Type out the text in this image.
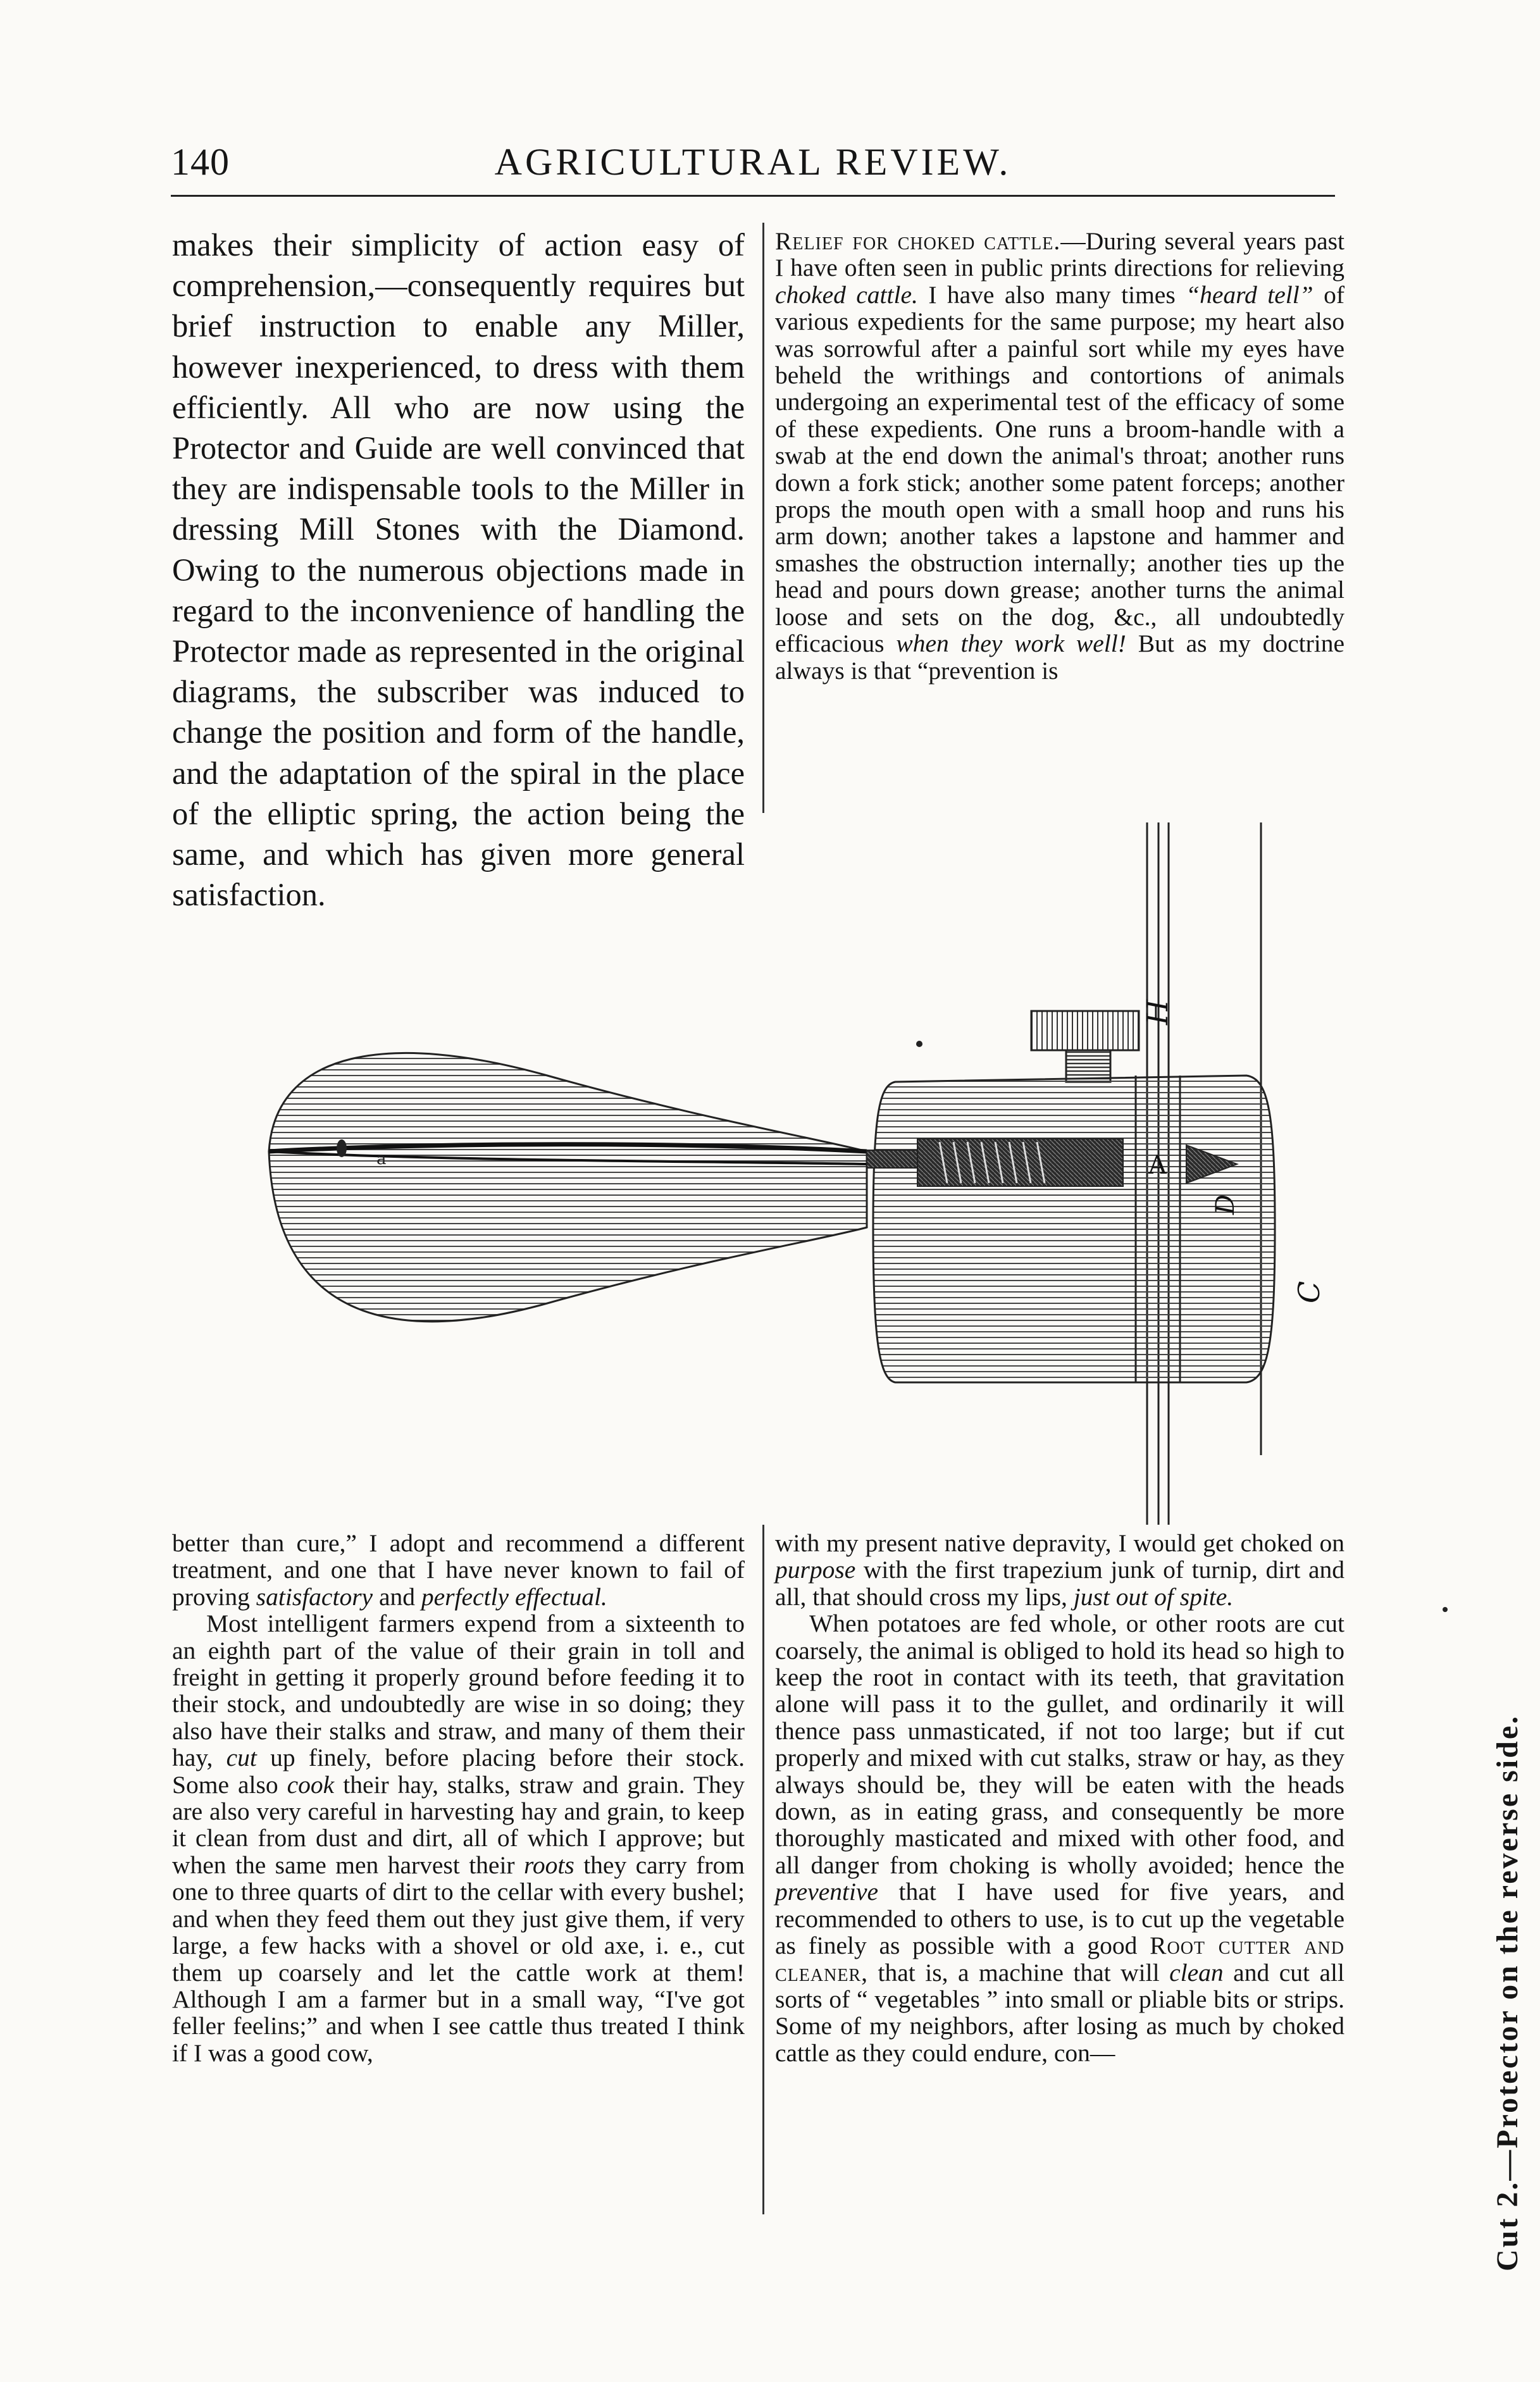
140	AGRICULTURAL REVIEW.

makes their simplicity of action easy of comprehension,—consequently requires but brief instruction to enable any Miller, however inexperienced, to dress with them efficiently. All who are now using the Protector and Guide are well convinced that they are indispensable tools to the Miller in dressing Mill Stones with the Diamond. Owing to the numerous objections made in regard to the inconvenience of handling the Protector made as represented in the original diagrams, the subscriber was induced to change the position and form of the handle, and the adaptation of the spiral in the place of the elliptic spring, the action being the same, and which has given more general satisfaction.

Relief for choked cattle.—During several years past I have often seen in public prints directions for relieving choked cattle. I have also many times “heard tell” of various expedients for the same purpose; my heart also was sorrowful after a painful sort while my eyes have beheld the writhings and contortions of animals undergoing an experimental test of the efficacy of some of these expedients. One runs a broom-handle with a swab at the end down the animal's throat; another runs down a fork stick; another some patent forceps; another props the mouth open with a small hoop and runs his arm down; another takes a lapstone and hammer and smashes the obstruction internally; another ties up the head and pours down grease; another turns the animal loose and sets on the dog, &c., all undoubtedly efficacious when they work well! But as my doctrine always is that “prevention is

a
H
A
D
C
Cut 2.—Protector on the reverse side.

better than cure,” I adopt and recommend a different treatment, and one that I have never known to fail of proving satisfactory and perfectly effectual.

Most intelligent farmers expend from a sixteenth to an eighth part of the value of their grain in toll and freight in getting it properly ground before feeding it to their stock, and undoubtedly are wise in so doing; they also have their stalks and straw, and many of them their hay, cut up finely, before placing before their stock. Some also cook their hay, stalks, straw and grain. They are also very careful in harvesting hay and grain, to keep it clean from dust and dirt, all of which I approve; but when the same men harvest their roots they carry from one to three quarts of dirt to the cellar with every bushel; and when they feed them out they just give them, if very large, a few hacks with a shovel or old axe, i. e., cut them up coarsely and let the cattle work at them! Although I am a farmer but in a small way, “I've got feller feelins;” and when I see cattle thus treated I think if I was a good cow,

with my present native depravity, I would get choked on purpose with the first trapezium junk of turnip, dirt and all, that should cross my lips, just out of spite.

When potatoes are fed whole, or other roots are cut coarsely, the animal is obliged to hold its head so high to keep the root in contact with its teeth, that gravitation alone will pass it to the gullet, and ordinarily it will thence pass unmasticated, if not too large; but if cut properly and mixed with cut stalks, straw or hay, as they always should be, they will be eaten with the heads down, as in eating grass, and consequently be more thoroughly masticated and mixed with other food, and all danger from choking is wholly avoided; hence the preventive that I have used for five years, and recommended to others to use, is to cut up the vegetable as finely as possible with a good Root cutter and cleaner, that is, a machine that will clean and cut all sorts of “ vegetables ” into small or pliable bits or strips. Some of my neighbors, after losing as much by choked cattle as they could endure, con—
